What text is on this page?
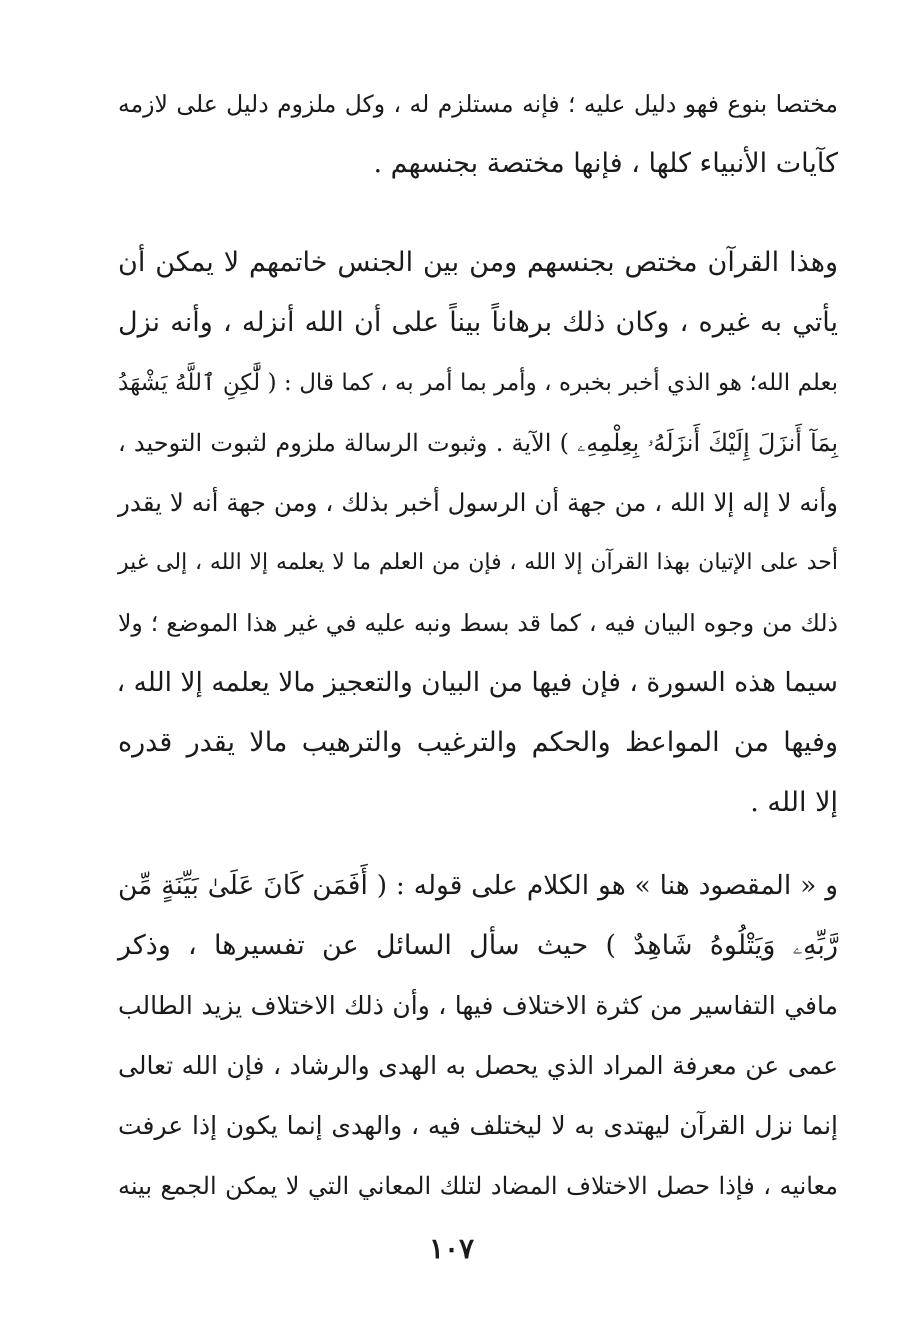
مختصا بنوع فهو دليل عليه ؛ فإنه مستلزم له ، وكل ملزوم دليل على لازمه
كآيات الأنبياء كلها ، فإنها مختصة بجنسهم .
وهذا القرآن مختص بجنسهم ومن بين الجنس خاتمهم لا يمكن أن
يأتي به غيره ، وكان ذلك برهاناً بيناً على أن الله أنزله ، وأنه نزل
بعلم الله؛ هو الذي أخبر بخبره ، وأمر بما أمر به ، كما قال : ( لَّٰكِنِ ٱللَّهُ يَشْهَدُ
بِمَآ أَنزَلَ إِلَيْكَ أَنزَلَهُۥ بِعِلْمِهِۦ ) الآية . وثبوت الرسالة ملزوم لثبوت التوحيد ،
وأنه لا إله إلا الله ، من جهة أن الرسول أخبر بذلك ، ومن جهة أنه لا يقدر
أحد على الإتيان بهذا القرآن إلا الله ، فإن من العلم ما لا يعلمه إلا الله ، إلى غير
ذلك من وجوه البيان فيه ، كما قد بسط ونبه عليه في غير هذا الموضع ؛ ولا
سيما هذه السورة ، فإن فيها من البيان والتعجيز مالا يعلمه إلا الله ،
وفيها من المواعظ والحكم والترغيب والترهيب مالا يقدر قدره
إلا الله .
و « المقصود هنا » هو الكلام على قوله : ( أَفَمَن كَانَ عَلَىٰ بَيِّنَةٍ مِّن
رَّبِّهِۦ وَيَتْلُوهُ شَاهِدٌ ) حيث سأل السائل عن تفسيرها ، وذكر
مافي التفاسير من كثرة الاختلاف فيها ، وأن ذلك الاختلاف يزيد الطالب
عمى عن معرفة المراد الذي يحصل به الهدى والرشاد ، فإن الله تعالى
إنما نزل القرآن ليهتدى به لا ليختلف فيه ، والهدى إنما يكون إذا عرفت
معانيه ، فإذا حصل الاختلاف المضاد لتلك المعاني التي لا يمكن الجمع بينه
١٠٧
